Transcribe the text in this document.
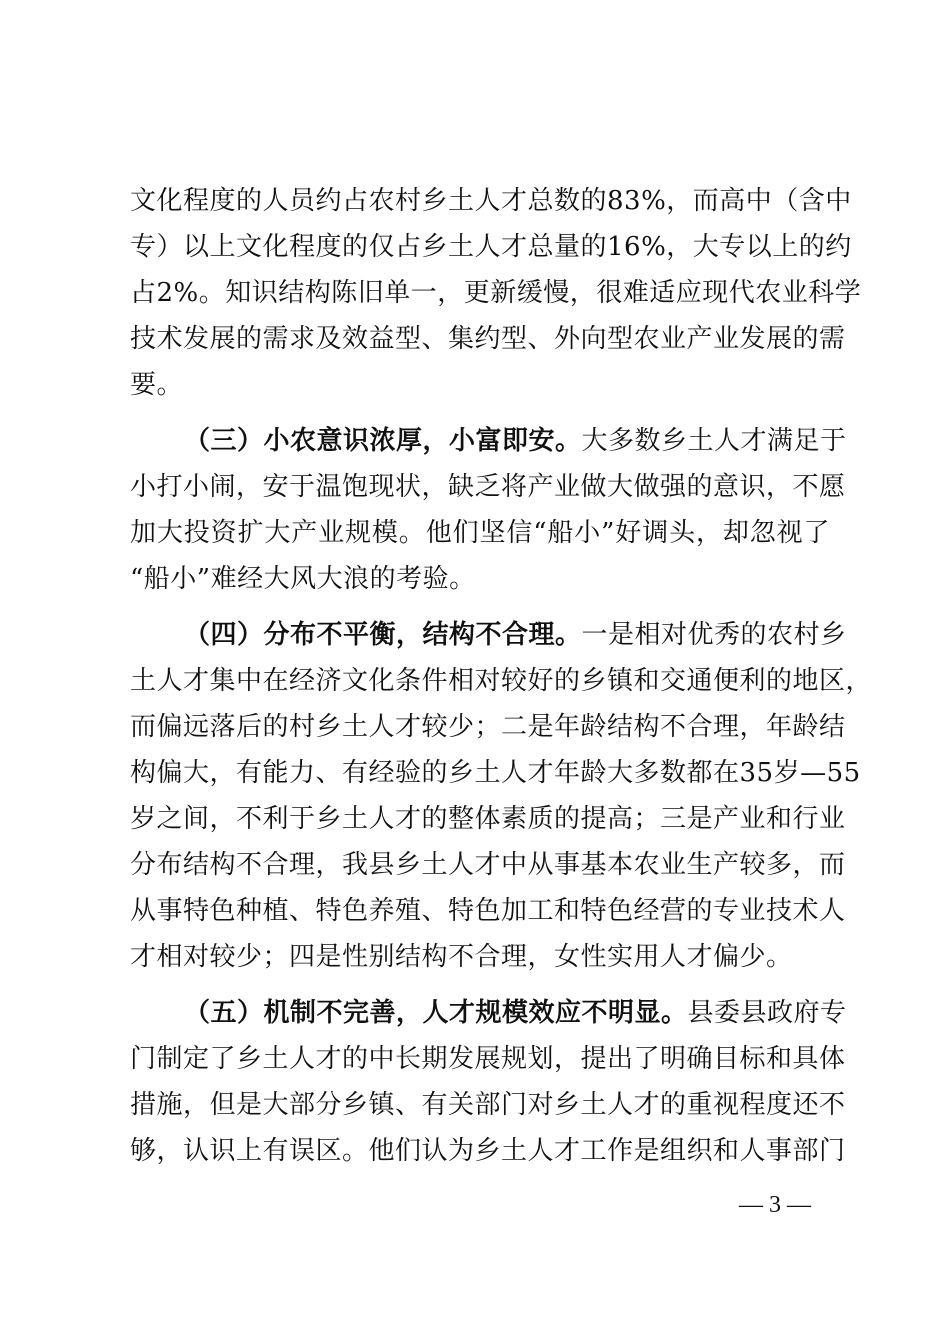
文化程度的人员约占农村乡土人才总数的83%，而高中（含中
专）以上文化程度的仅占乡土人才总量的16%，大专以上的约
占2%。知识结构陈旧单一，更新缓慢，很难适应现代农业科学
技术发展的需求及效益型、集约型、外向型农业产业发展的需
要。
（三）小农意识浓厚，小富即安。大多数乡土人才满足于
小打小闹，安于温饱现状，缺乏将产业做大做强的意识，不愿
加大投资扩大产业规模。他们坚信“船小”好调头，却忽视了
“船小”难经大风大浪的考验。
（四）分布不平衡，结构不合理。一是相对优秀的农村乡
土人才集中在经济文化条件相对较好的乡镇和交通便利的地区，
而偏远落后的村乡土人才较少；二是年龄结构不合理，年龄结
构偏大，有能力、有经验的乡土人才年龄大多数都在35岁—55
岁之间，不利于乡土人才的整体素质的提高；三是产业和行业
分布结构不合理，我县乡土人才中从事基本农业生产较多，而
从事特色种植、特色养殖、特色加工和特色经营的专业技术人
才相对较少；四是性别结构不合理，女性实用人才偏少。
（五）机制不完善，人才规模效应不明显。县委县政府专
门制定了乡土人才的中长期发展规划，提出了明确目标和具体
措施，但是大部分乡镇、有关部门对乡土人才的重视程度还不
够，认识上有误区。他们认为乡土人才工作是组织和人事部门
— 3 —
